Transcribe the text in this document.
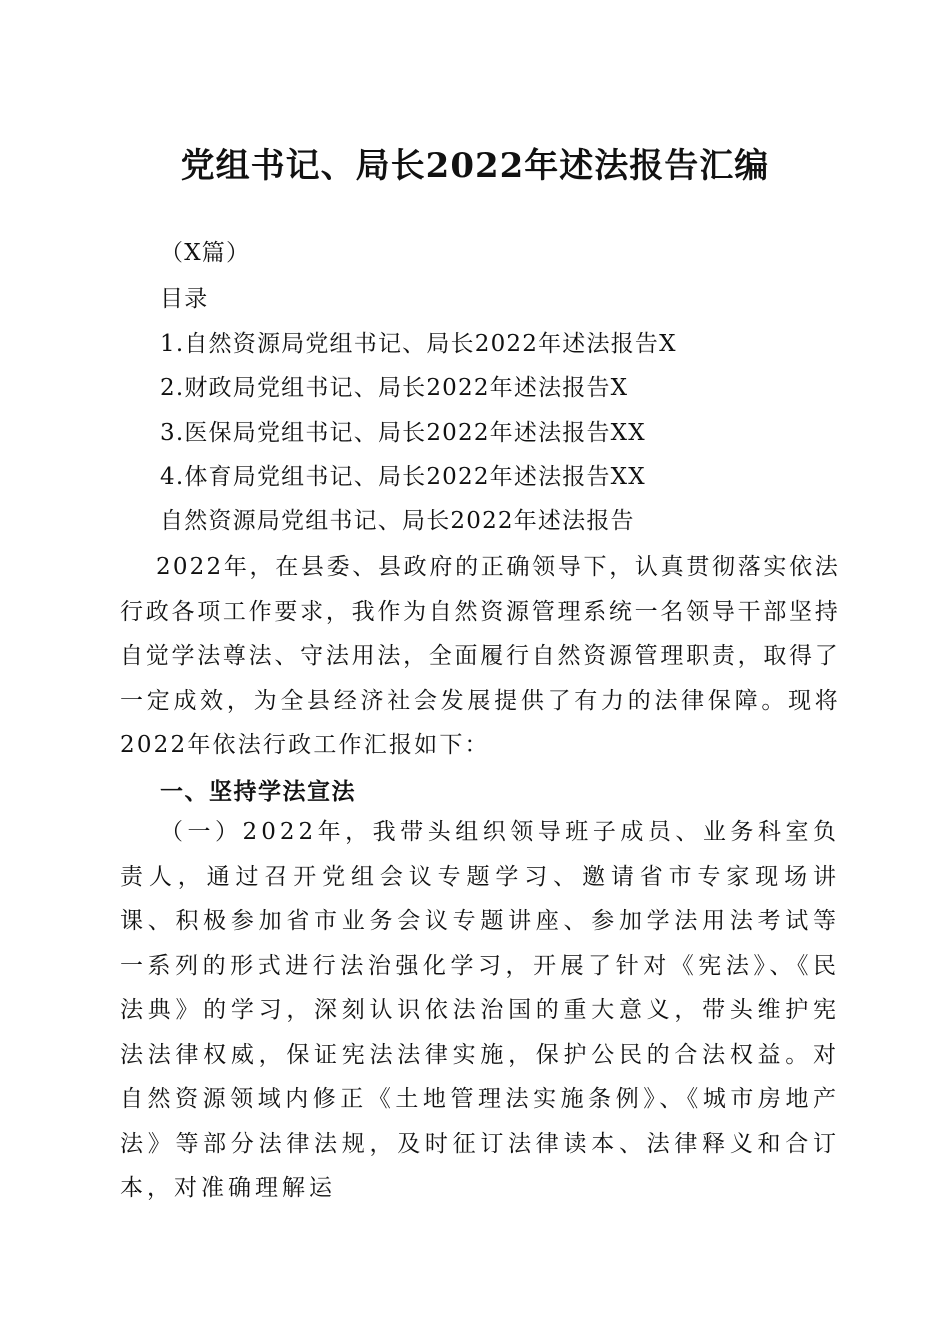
党组书记、局长2022年述法报告汇编
（X篇）
目录
1.自然资源局党组书记、局长2022年述法报告X
2.财政局党组书记、局长2022年述法报告X
3.医保局党组书记、局长2022年述法报告XX
4.体育局党组书记、局长2022年述法报告XX
自然资源局党组书记、局长2022年述法报告
2022年，在县委、县政府的正确领导下，认真贯彻落实依法行政各项工作要求，我作为自然资源管理系统一名领导干部坚持自觉学法尊法、守法用法，全面履行自然资源管理职责，取得了一定成效，为全县经济社会发展提供了有力的法律保障。现将2022年依法行政工作汇报如下：
一、坚持学法宣法
（一）2022年，我带头组织领导班子成员、业务科室负责人，通过召开党组会议专题学习、邀请省市专家现场讲课、积极参加省市业务会议专题讲座、参加学法用法考试等一系列的形式进行法治强化学习，开展了针对《宪法》、《民法典》的学习，深刻认识依法治国的重大意义，带头维护宪法法律权威，保证宪法法律实施，保护公民的合法权益。对自然资源领域内修正《土地管理法实施条例》、《城市房地产法》等部分法律法规，及时征订法律读本、法律释义和合订本，对准确理解运
